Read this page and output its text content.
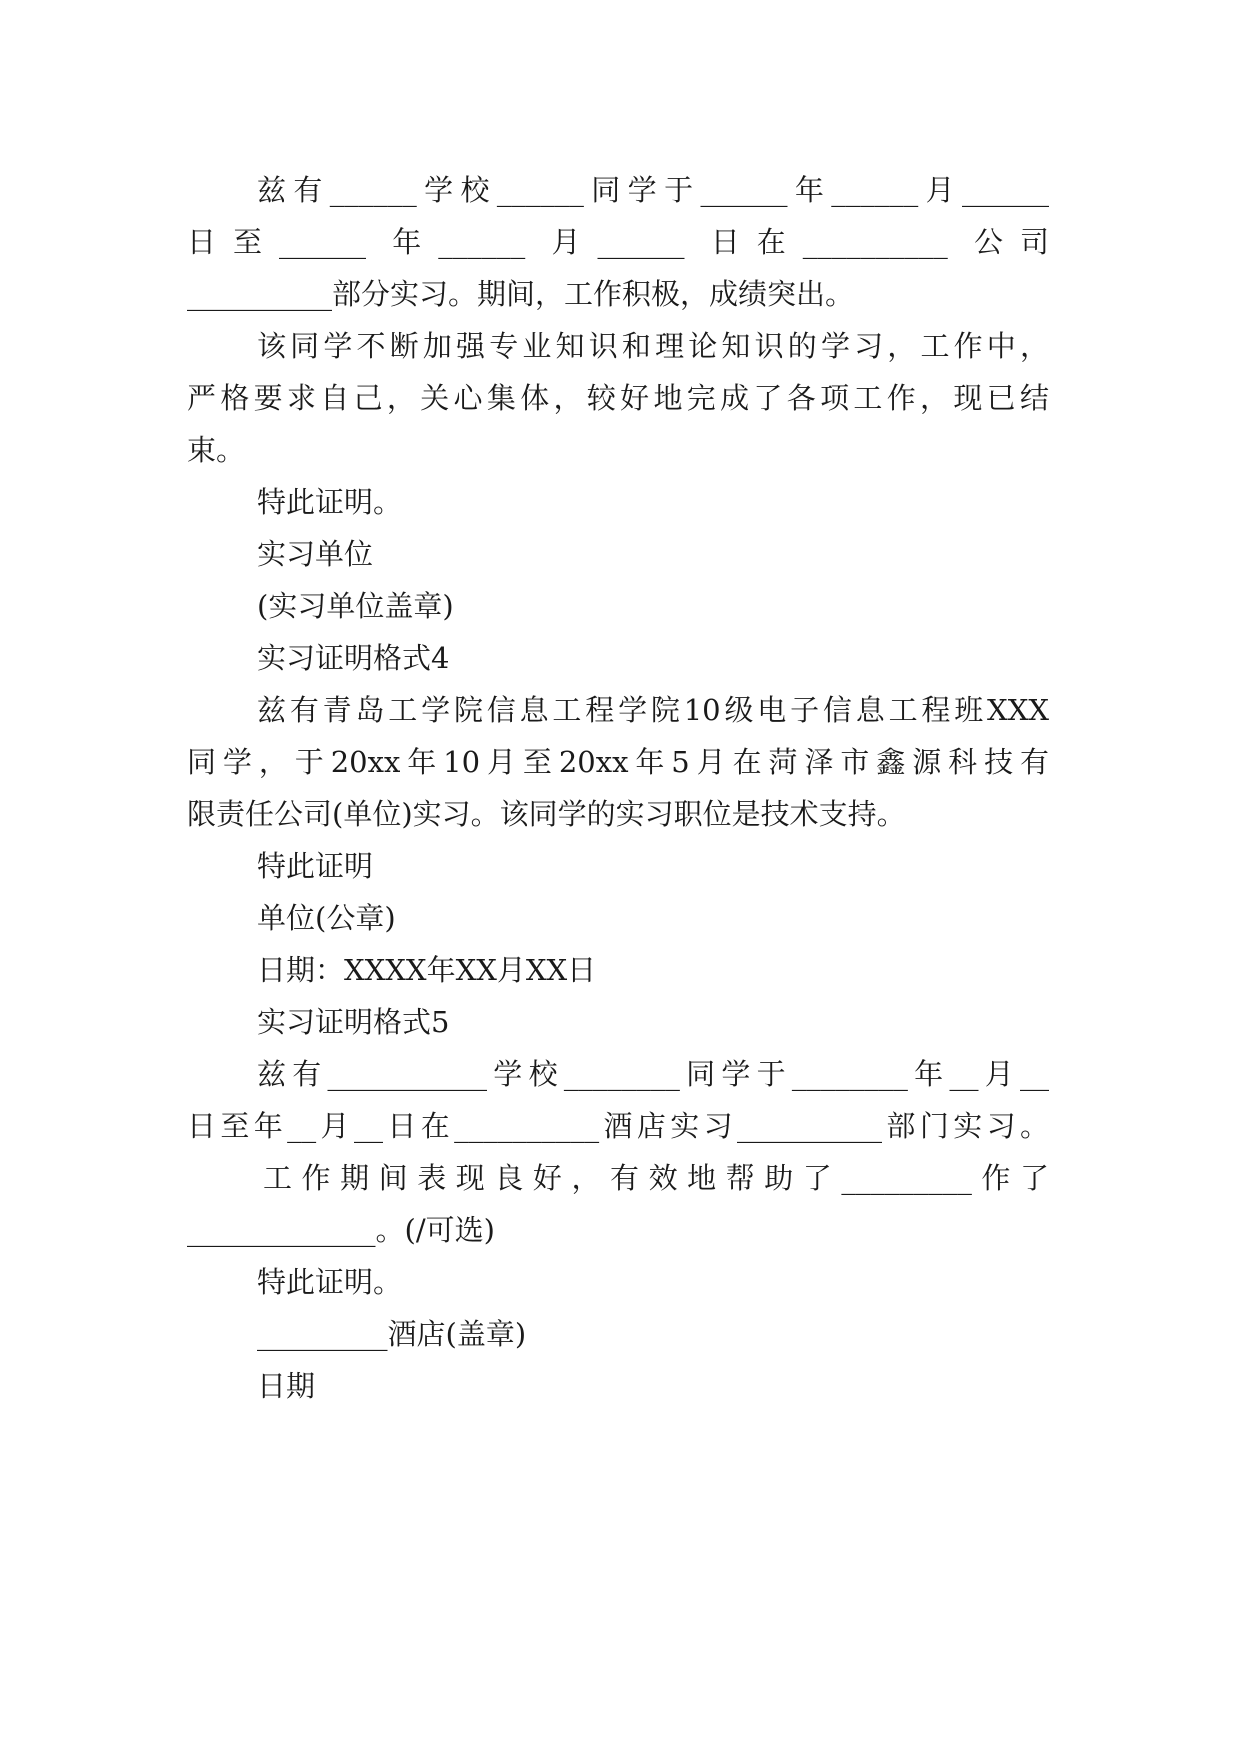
兹有______学校______同学于______年______月______
日至______ 年______ 月______ 日在__________ 公司
__________部分实习。期间，工作积极，成绩突出。
该同学不断加强专业知识和理论知识的学习，工作中，
严格要求自己，关心集体，较好地完成了各项工作，现已结
束。
特此证明。
实习单位
(实习单位盖章)
实习证明格式4
兹有青岛工学院信息工程学院10级电子信息工程班XXX
同学，于20xx年10月至20xx年5月在菏泽市鑫源科技有
限责任公司(单位)实习。该同学的实习职位是技术支持。
特此证明
单位(公章)
日期：XXXX年XX月XX日
实习证明格式5
兹有___________学校________同学于________年__月__
日至年__月__日在__________酒店实习__________部门实习。
工作期间表现良好，有效地帮助了_________作了
_____________。(/可选)
特此证明。
_________酒店(盖章)
日期
